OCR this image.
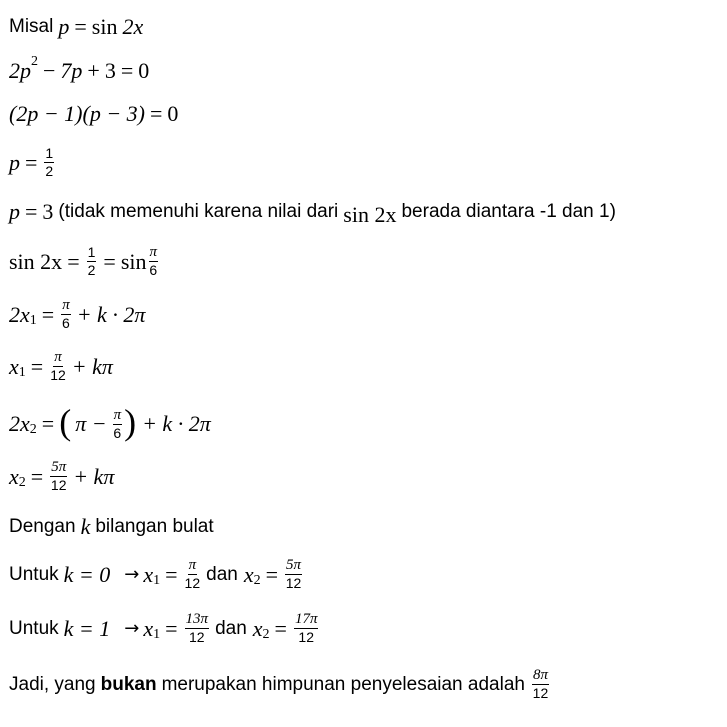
Misal p = sin 2x
$2p^2 - 7p + 3 = 0$
(2p − 1)(p − 3) = 0
$p = \frac{1}{2}$
p = 3 (tidak memenuhi karena nilai dari sin 2x berada diantara -1 dan 1)
$\sin 2x = \frac{1}{2} = \sin \frac{\pi}{6}$
$2x_1 = \frac{\pi}{6} + k \cdot 2\pi$
$x_1 = \frac{\pi}{12} + k\pi$
$2x_2$ = ( $\pi - \frac{\pi}{6}$ ) + k · 2π
$x_2 = \frac{5\pi}{12} + k\pi$
Dengan k bilangan bulat
Untuk $k = 0 \to x_1 = \frac{\pi}{12}$ dan $x_2 = \frac{5\pi}{12}$
Untuk $k = 1 \to x_1 = \frac{13\pi}{12}$ dan $x_2 = \frac{17\pi}{12}$
Jadi, yang bukan merupakan himpunan penyelesaian adalah $\frac{8\pi}{12}$
